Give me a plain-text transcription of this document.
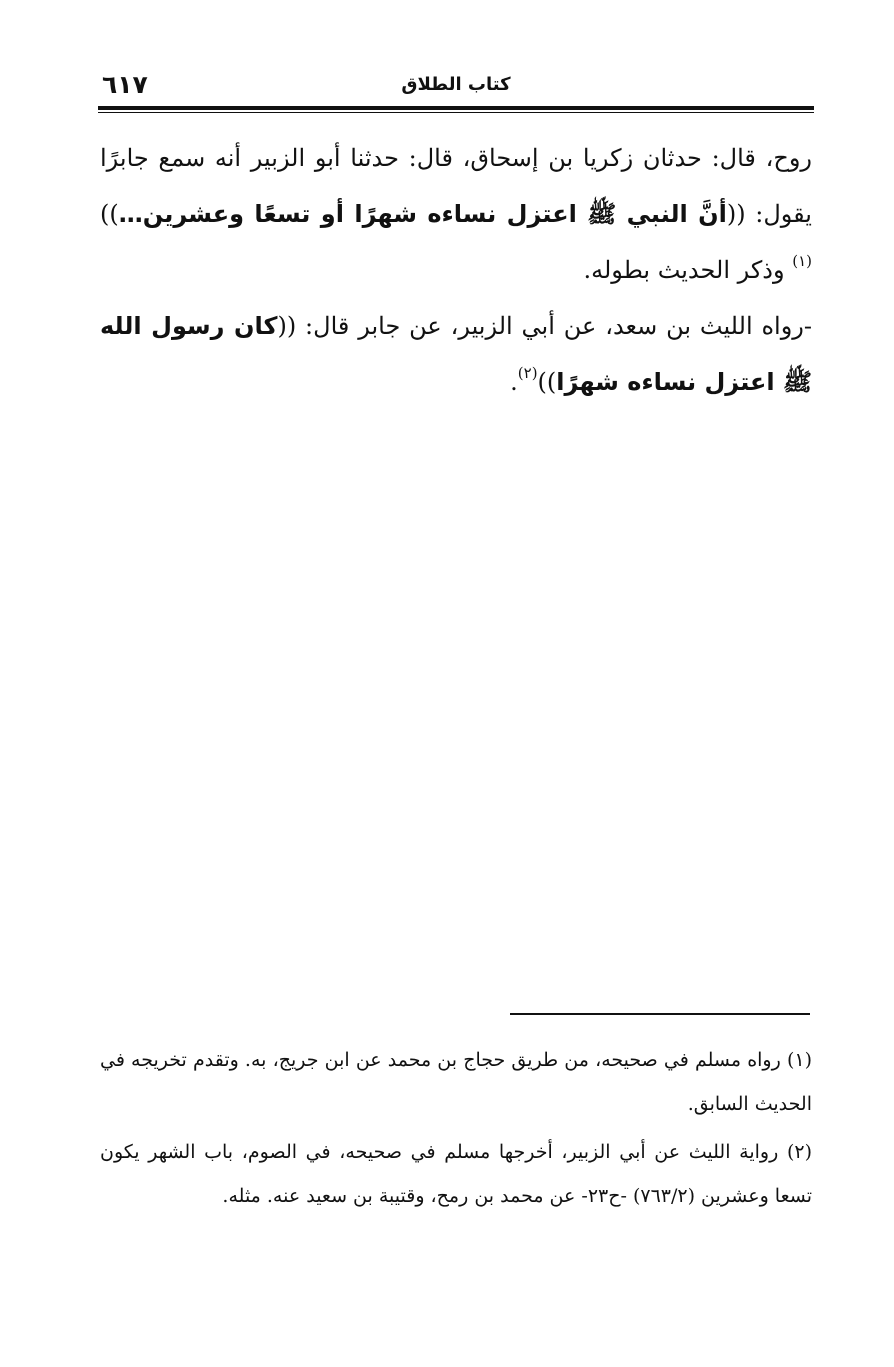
٦١٧	كتاب الطلاق

روح، قال: حدثان زكريا بن إسحاق، قال: حدثنا أبو الزبير أنه سمع جابرًا يقول: ((أنَّ النبي ﷺ اعتزل نساءه شهرًا أو تسعًا وعشرين…))$^{(١)}$ وذكر الحديث بطوله.

-رواه الليث بن سعد، عن أبي الزبير، عن جابر قال: ((كان رسول الله ﷺ اعتزل نساءه شهرًا))$^{(٢)}$.

(١) رواه مسلم في صحيحه، من طريق حجاج بن محمد عن ابن جريج، به. وتقدم تخريجه في الحديث السابق.

(٢) رواية الليث عن أبي الزبير، أخرجها مسلم في صحيحه، في الصوم، باب الشهر يكون تسعا وعشرين (٧٦٣/٢) -ح٢٣- عن محمد بن رمح، وقتيبة بن سعيد عنه. مثله.
